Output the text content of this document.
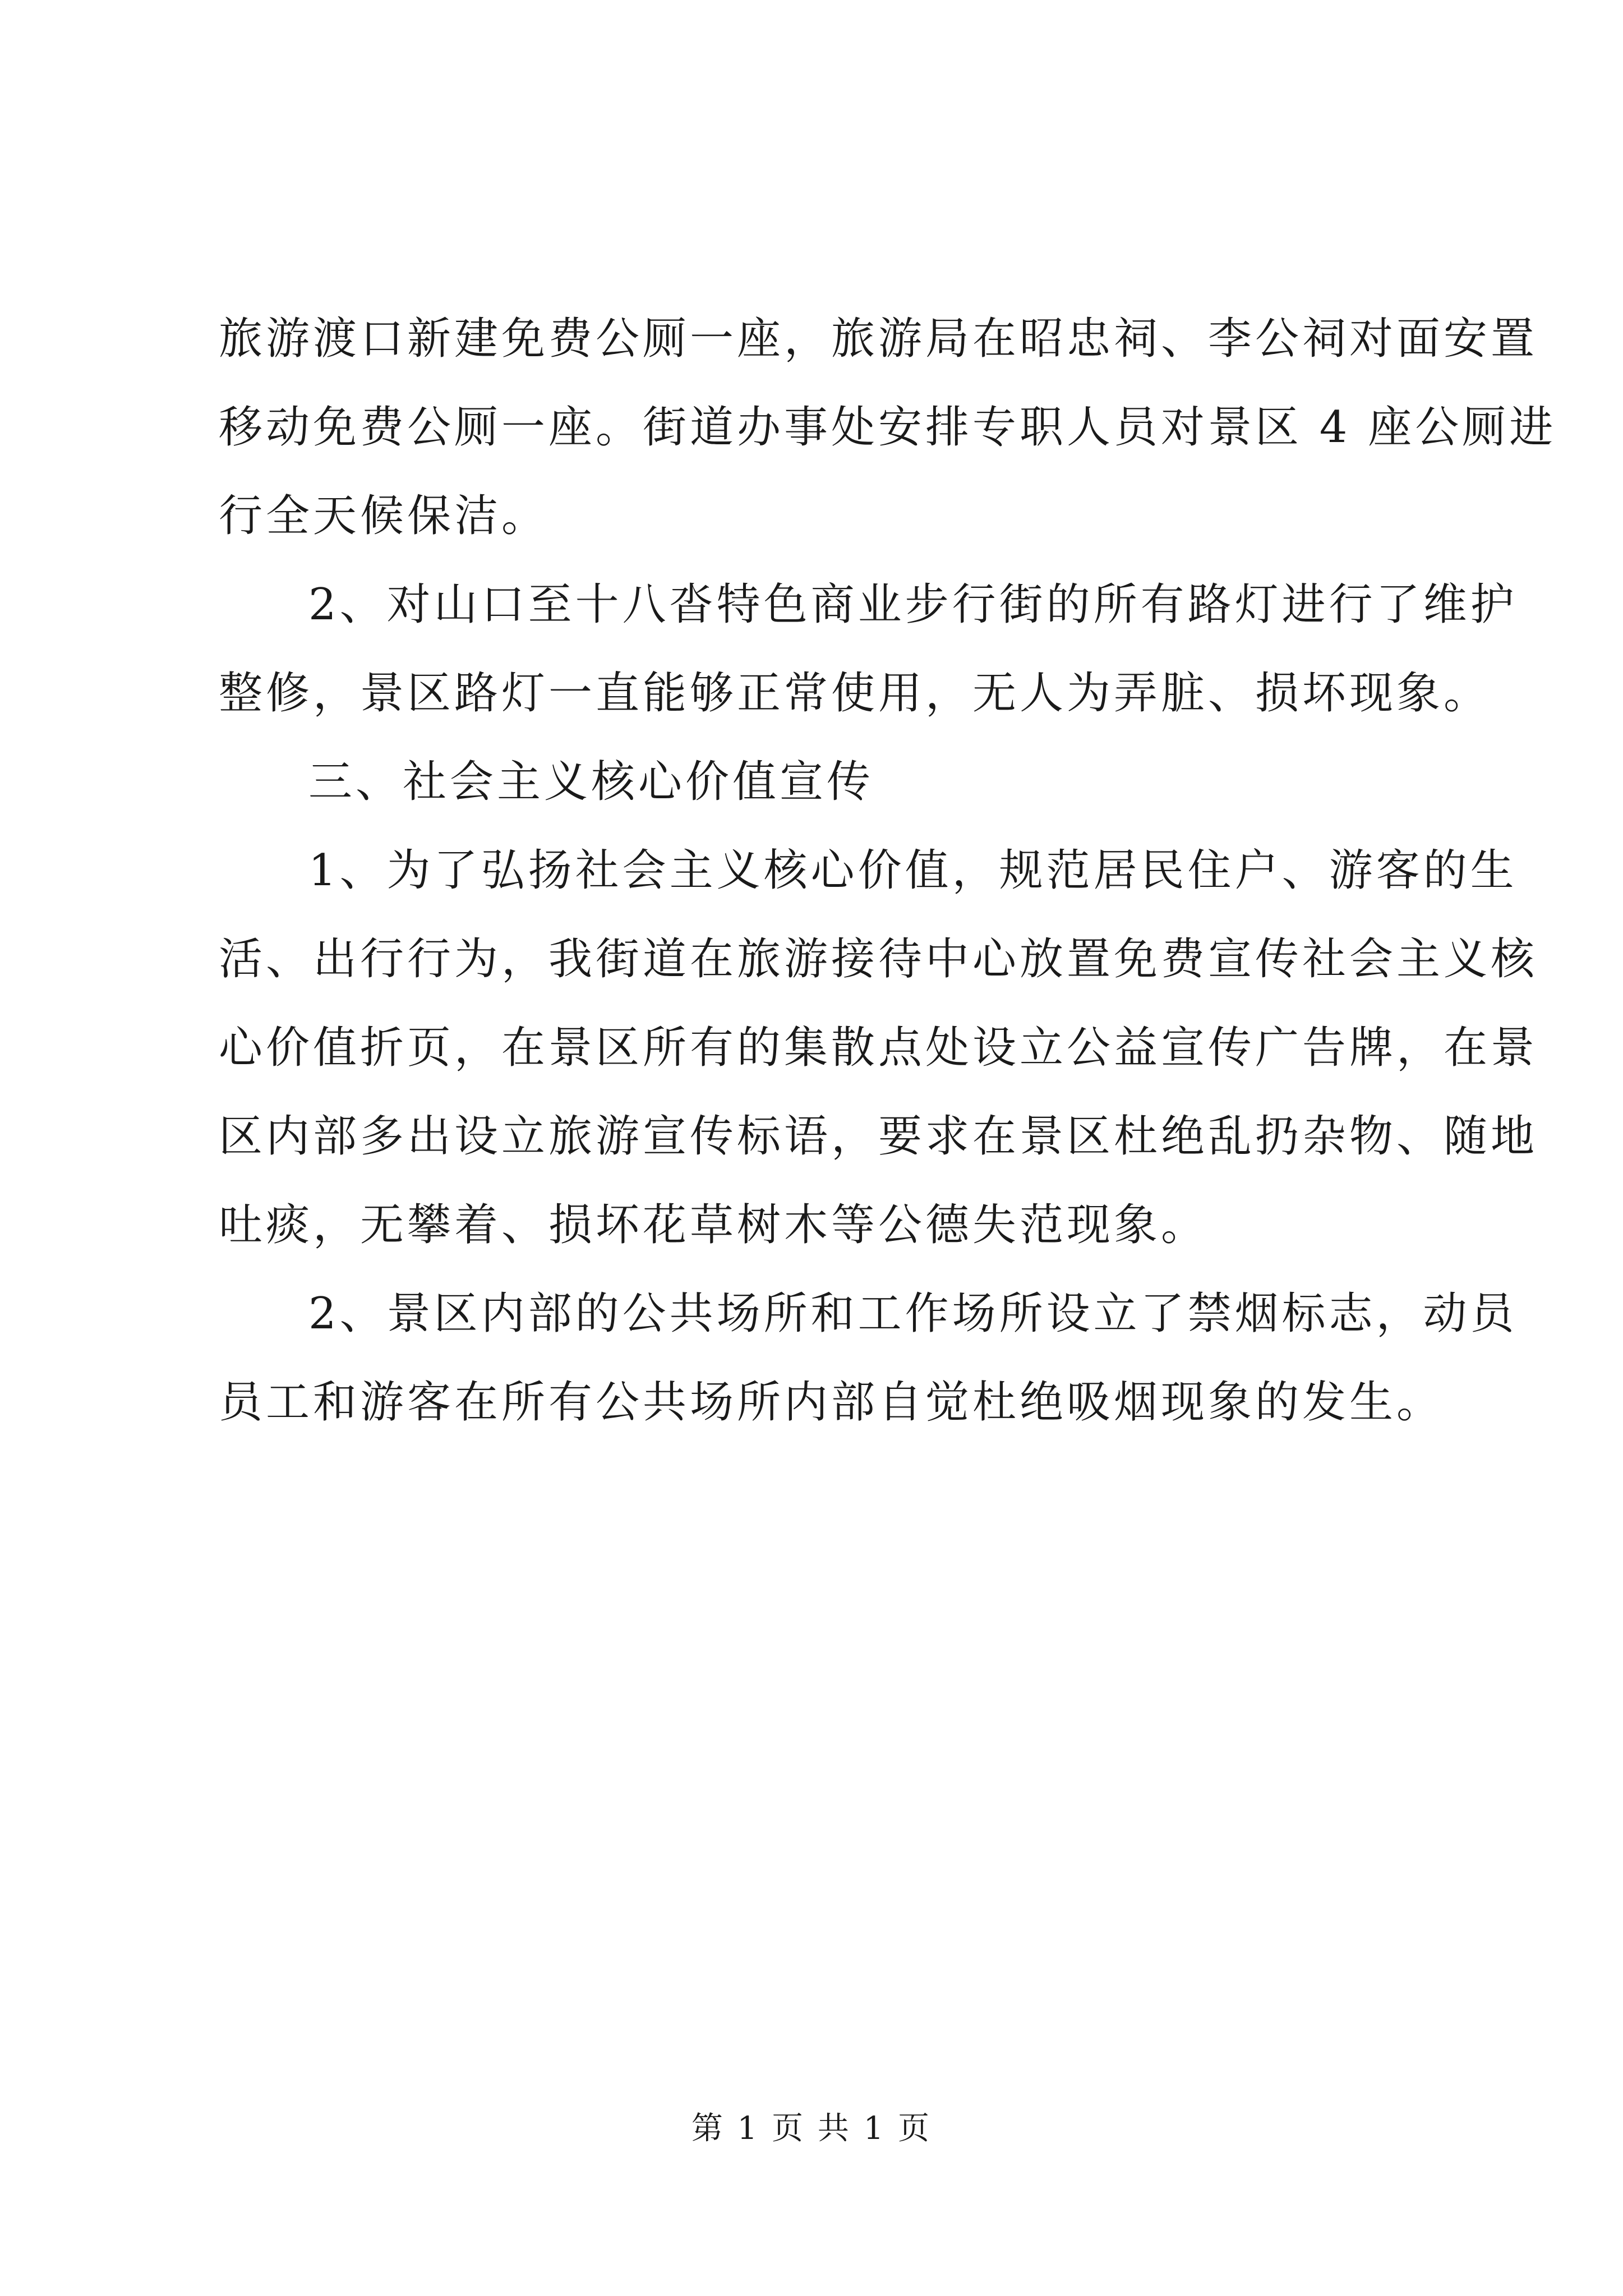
旅游渡口新建免费公厕一座，旅游局在昭忠祠、李公祠对面安置
移动免费公厕一座。街道办事处安排专职人员对景区 4 座公厕进
行全天候保洁。
2、对山口至十八沓特色商业步行街的所有路灯进行了维护
整修，景区路灯一直能够正常使用，无人为弄脏、损坏现象。
三、社会主义核心价值宣传
1、为了弘扬社会主义核心价值，规范居民住户、游客的生
活、出行行为，我街道在旅游接待中心放置免费宣传社会主义核
心价值折页，在景区所有的集散点处设立公益宣传广告牌，在景
区内部多出设立旅游宣传标语，要求在景区杜绝乱扔杂物、随地
吐痰，无攀着、损坏花草树木等公德失范现象。
2、景区内部的公共场所和工作场所设立了禁烟标志，动员
员工和游客在所有公共场所内部自觉杜绝吸烟现象的发生。
第 1 页 共 1 页
